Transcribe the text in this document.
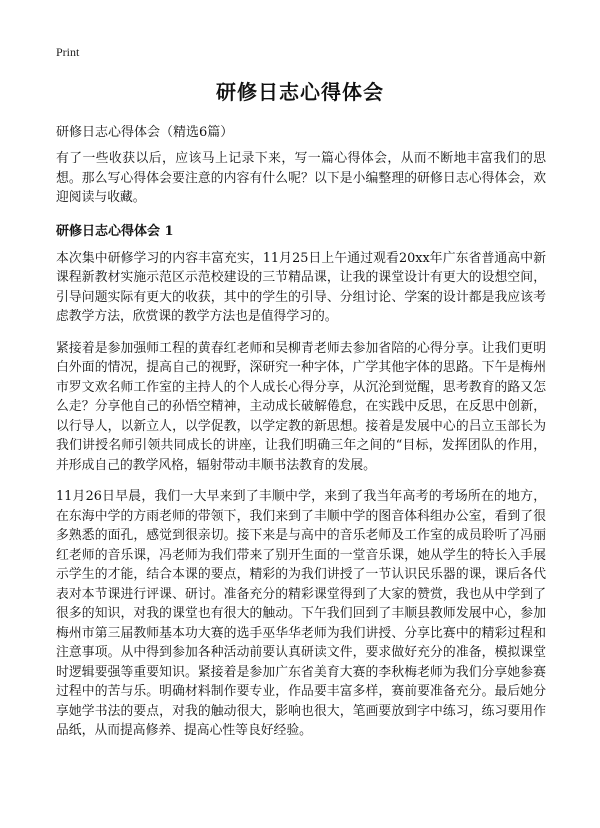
Print
研修日志心得体会

研修日志心得体会（精选6篇）

有了一些收获以后，应该马上记录下来，写一篇心得体会，从而不断地丰富我们的思想。那么写心得体会要注意的内容有什么呢？以下是小编整理的研修日志心得体会，欢迎阅读与收藏。

研修日志心得体会 1

本次集中研修学习的内容丰富充实，11月25日上午通过观看20xx年广东省普通高中新课程新教材实施示范区示范校建设的三节精品课，让我的课堂设计有更大的设想空间，引导问题实际有更大的收获，其中的学生的引导、分组讨论、学案的设计都是我应该考虑教学方法，欣赏课的教学方法也是值得学习的。

紧接着是参加强师工程的黄春红老师和吴柳青老师去参加省陪的心得分享。让我们更明白外面的情况，提高自己的视野，深研究一种字体，广学其他字体的思路。下午是梅州市罗文欢名师工作室的主持人的个人成长心得分享，从沉沦到觉醒，思考教育的路又怎么走？分享他自己的孙悟空精神，主动成长破解倦怠，在实践中反思，在反思中创新，以行导人，以新立人，以学促教，以学定教的新思想。接着是发展中心的吕立玉部长为我们讲授名师引领共同成长的讲座，让我们明确三年之间的“目标，发挥团队的作用，并形成自己的教学风格，辐射带动丰顺书法教育的发展。

11月26日早晨，我们一大早来到了丰顺中学，来到了我当年高考的考场所在的地方，在东海中学的方雨老师的带领下，我们来到了丰顺中学的图音体科组办公室，看到了很多熟悉的面孔，感觉到很亲切。接下来是与高中的音乐老师及工作室的成员聆听了冯丽红老师的音乐课，冯老师为我们带来了别开生面的一堂音乐课，她从学生的特长入手展示学生的才能，结合本课的要点，精彩的为我们讲授了一节认识民乐器的课，课后各代表对本节课进行评课、研讨。准备充分的精彩课堂得到了大家的赞赏，我也从中学到了很多的知识，对我的课堂也有很大的触动。下午我们回到了丰顺县教师发展中心，参加梅州市第三届教师基本功大赛的选手巫华华老师为我们讲授、分享比赛中的精彩过程和注意事项。从中得到参加各种活动前要认真研读文件，要求做好充分的准备，模拟课堂时逻辑要强等重要知识。紧接着是参加广东省美育大赛的李秋梅老师为我们分享她参赛过程中的苦与乐。明确材料制作要专业，作品要丰富多样，赛前要准备充分。最后她分享她学书法的要点，对我的触动很大，影响也很大，笔画要放到字中练习，练习要用作品纸，从而提高修养、提高心性等良好经验。
